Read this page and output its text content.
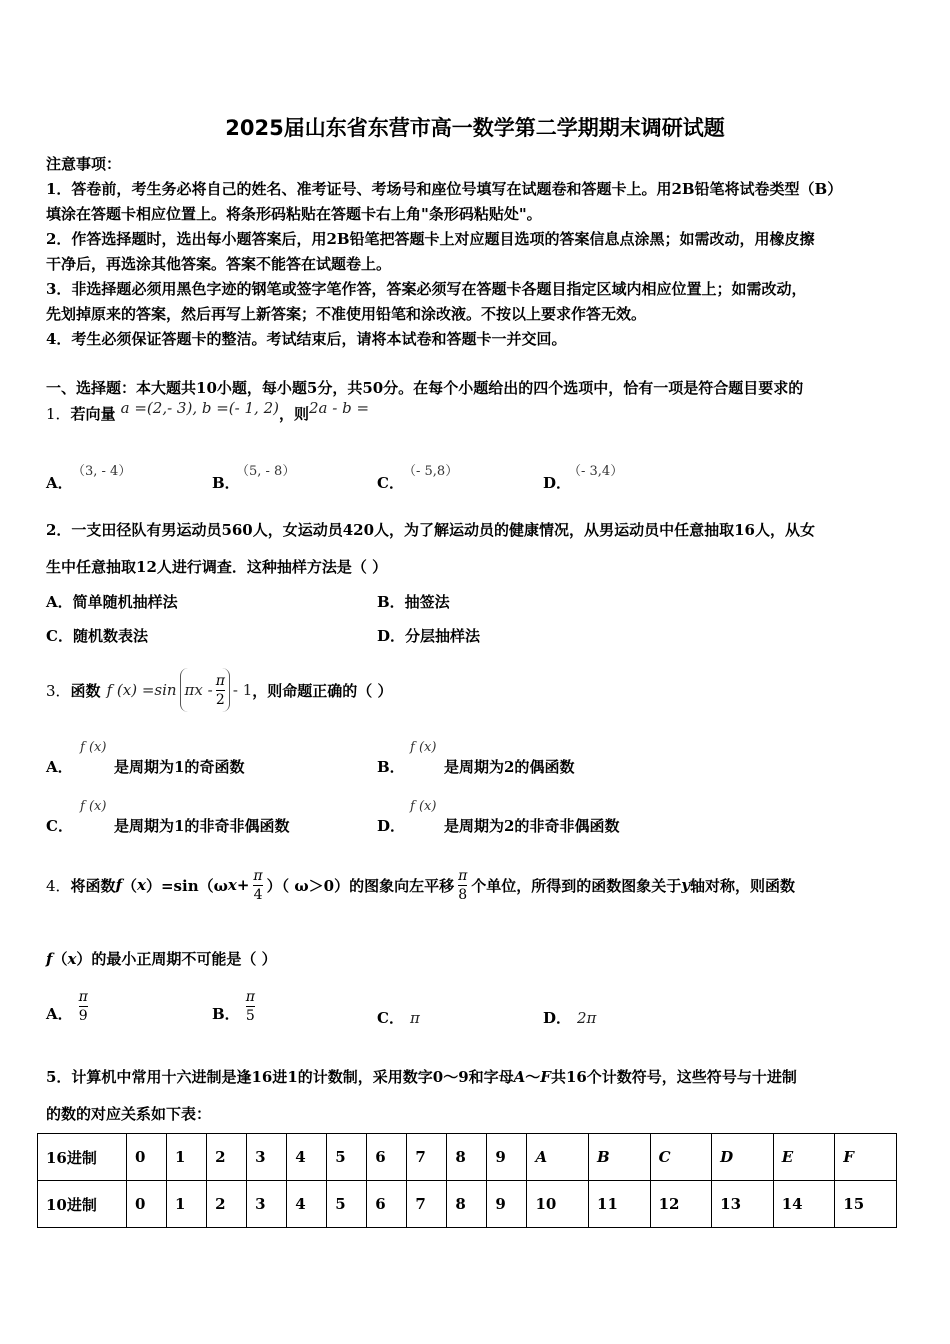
2025届山东省东营市高一数学第二学期期末调研试题
注意事项：
1．答卷前，考生务必将自己的姓名、准考证号、考场号和座位号填写在试题卷和答题卡上。用2B铅笔将试卷类型（B）
填涂在答题卡相应位置上。将条形码粘贴在答题卡右上角"条形码粘贴处"。
2．作答选择题时，选出每小题答案后，用2B铅笔把答题卡上对应题目选项的答案信息点涂黑；如需改动，用橡皮擦
干净后，再选涂其他答案。答案不能答在试题卷上。
3．非选择题必须用黑色字迹的钢笔或签字笔作答，答案必须写在答题卡各题目指定区域内相应位置上；如需改动，
先划掉原来的答案，然后再写上新答案；不准使用铅笔和涂改液。不按以上要求作答无效。
4．考生必须保证答题卡的整洁。考试结束后，请将本试卷和答题卡一并交回。
一、选择题：本大题共10小题，每小题5分，共50分。在每个小题给出的四个选项中，恰有一项是符合题目要求的
1．若向量 a =(2,- 3), b =(- 1, 2)，则2a - b =
A．
（3, - 4）
B．
（5, - 8）
C．
（- 5,8）
D．
（- 3,4）
2．一支田径队有男运动员560人，女运动员420人，为了解运动员的健康情况，从男运动员中任意抽取16人，从女
生中任意抽取12人进行调查．这种抽样方法是（ ）
A．简单随机抽样法	B．抽签法
C．随机数表法	D．分层抽样法
3． 函数 f (x) =sin πx - $\frac{\pi}{2} - 1$ ，则命题正确的（ ）
A．
f (x)
是周期为1的奇函数	B．
f (x)
是周期为2的偶函数
C．
f (x)
是周期为1的非奇非偶函数	D．
f (x)
是周期为2的非奇非偶函数
4． 将函数 f （ x ）=sin（ω $x + \frac{\pi}{4}$ ）（ ω＞0）的图象向左平移 $\frac{\pi}{8}$ 个单位，所得到的函数图象关于 y 轴对称，则函数
f（x）的最小正周期不可能是（ ）
A． $\frac{\pi}{9}$	B． $\frac{\pi}{5}$	C． π	D． 2π
5．计算机中常用十六进制是逢16进1的计数制，采用数字0～9和字母A～F共16个计数符号，这些符号与十进制
的数的对应关系如下表：
16进制	0	1	2	3	4	5	6	7	8	9	A	B	C	D	E	F
10进制	0	1	2	3	4	5	6	7	8	9	10	11	12	13	14	15
